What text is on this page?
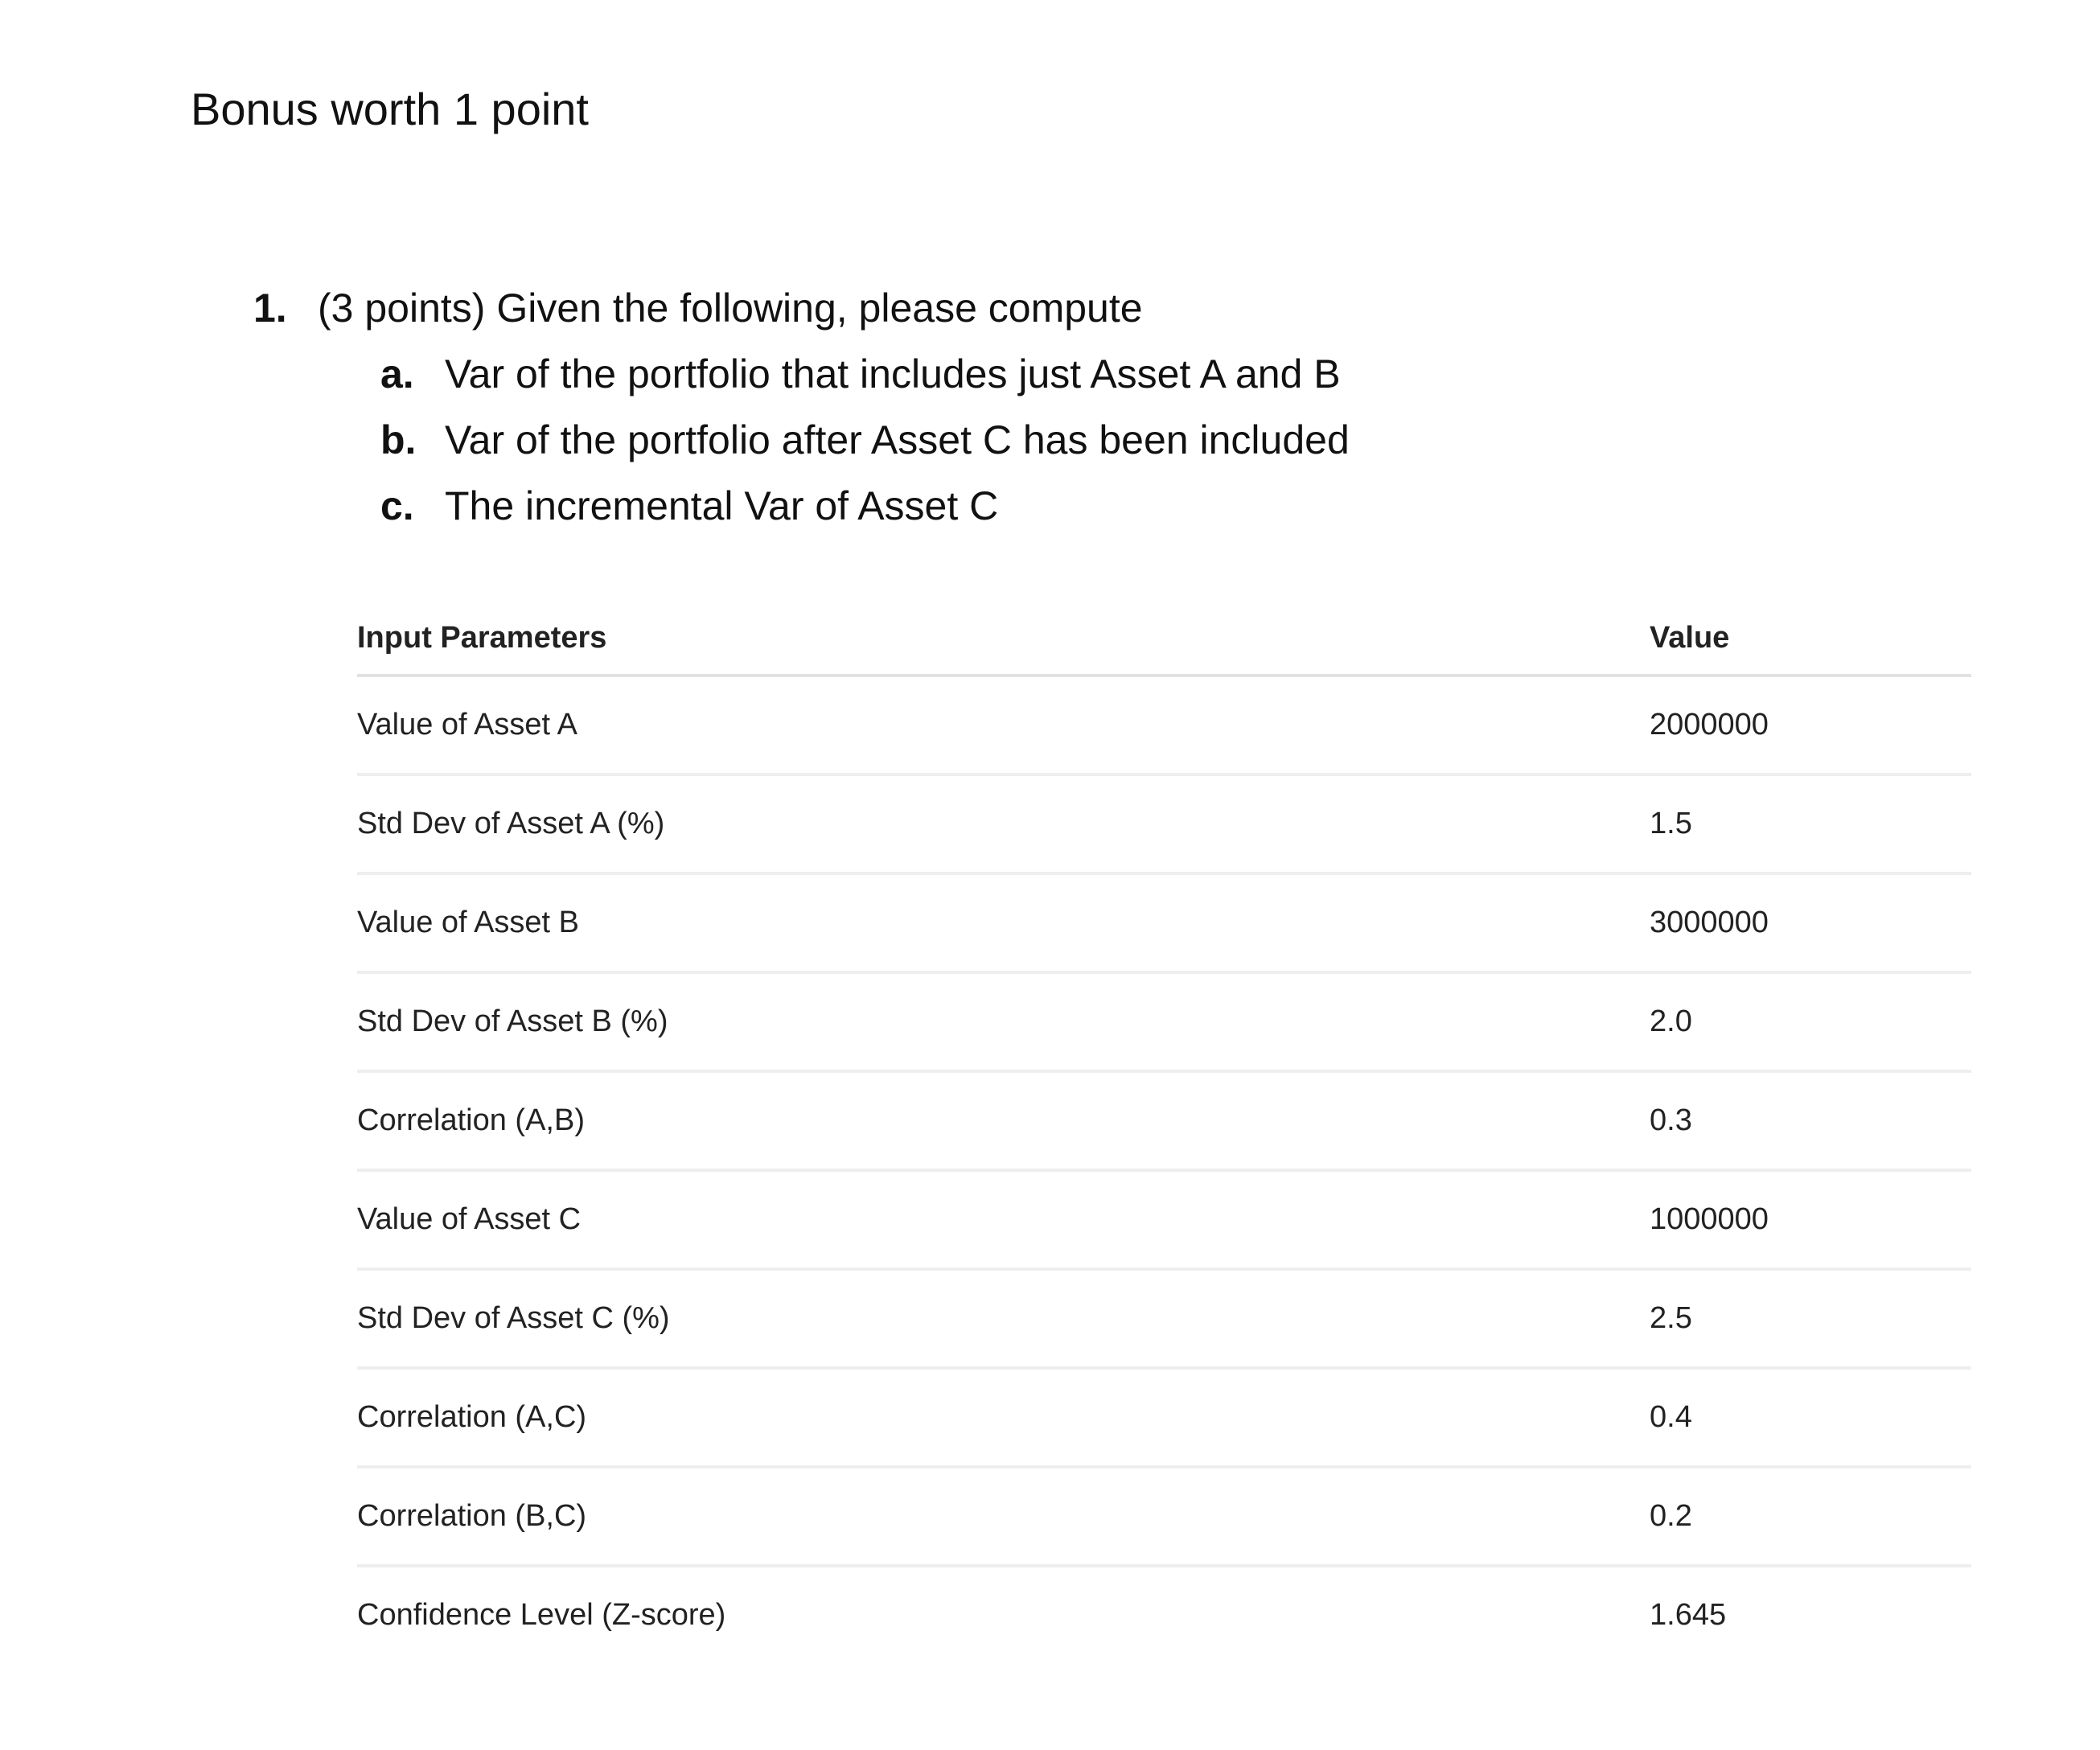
Bonus worth 1 point
1. (3 points) Given the following, please compute
a. Var of the portfolio that includes just Asset A and B
b. Var of the portfolio after Asset C has been included
c. The incremental Var of Asset C
Input Parameters	Value
Value of Asset A	2000000
Std Dev of Asset A (%)	1.5
Value of Asset B	3000000
Std Dev of Asset B (%)	2.0
Correlation (A,B)	0.3
Value of Asset C	1000000
Std Dev of Asset C (%)	2.5
Correlation (A,C)	0.4
Correlation (B,C)	0.2
Confidence Level (Z-score)	1.645
